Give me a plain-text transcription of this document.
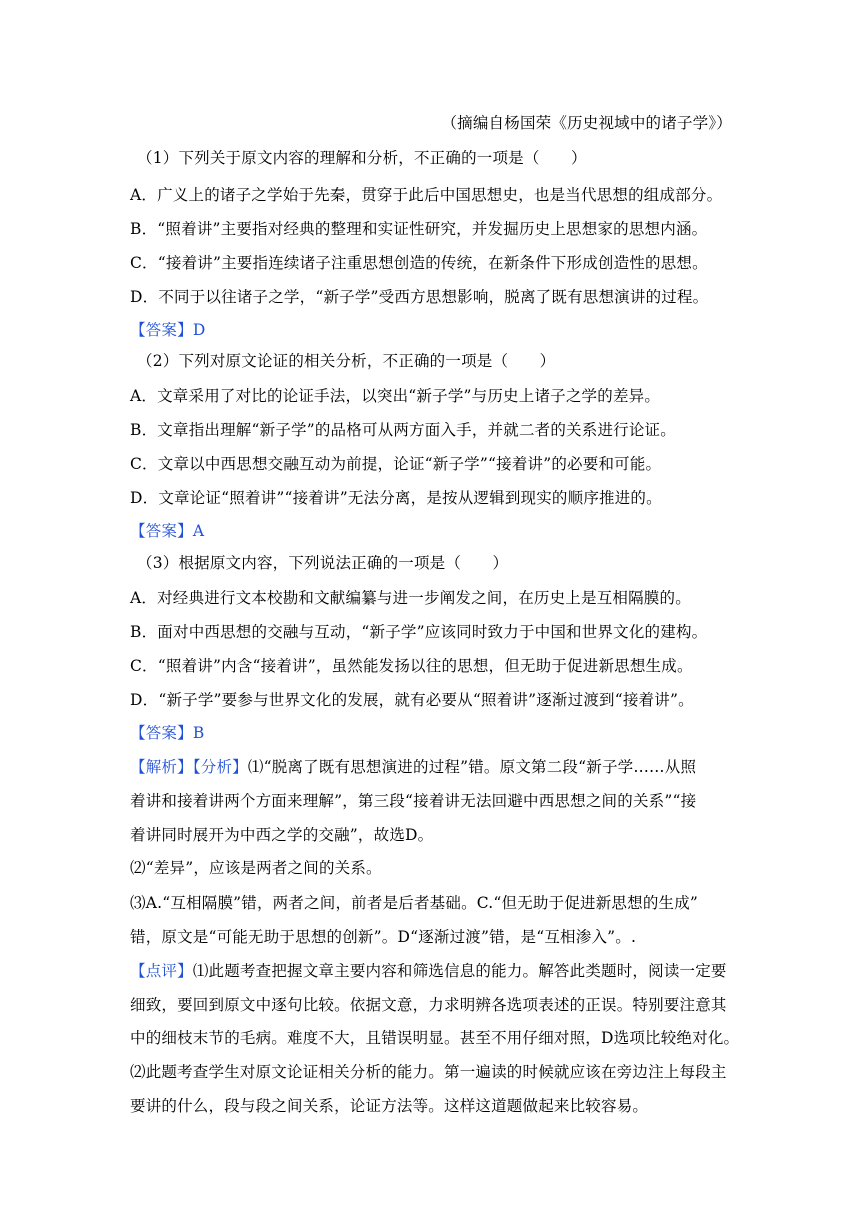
（摘编自杨国荣《历史视域中的诸子学》）
（1）下列关于原文内容的理解和分析，不正确的一项是（　　）
A．广义上的诸子之学始于先秦，贯穿于此后中国思想史，也是当代思想的组成部分。
B．“照着讲”主要指对经典的整理和实证性研究，并发掘历史上思想家的思想内涵。
C．“接着讲”主要指连续诸子注重思想创造的传统，在新条件下形成创造性的思想。
D．不同于以往诸子之学，“新子学”受西方思想影响，脱离了既有思想演讲的过程。
【答案】D
（2）下列对原文论证的相关分析，不正确的一项是（　　）
A．文章采用了对比的论证手法，以突出“新子学”与历史上诸子之学的差异。
B．文章指出理解“新子学”的品格可从两方面入手，并就二者的关系进行论证。
C．文章以中西思想交融互动为前提，论证“新子学”“接着讲”的必要和可能。
D．文章论证“照着讲”“接着讲”无法分离，是按从逻辑到现实的顺序推进的。
【答案】A
（3）根据原文内容，下列说法正确的一项是（　　）
A．对经典进行文本校勘和文献编纂与进一步阐发之间，在历史上是互相隔膜的。
B．面对中西思想的交融与互动，“新子学”应该同时致力于中国和世界文化的建构。
C．“照着讲”内含“接着讲”，虽然能发扬以往的思想，但无助于促进新思想生成。
D．“新子学”要参与世界文化的发展，就有必要从“照着讲”逐渐过渡到“接着讲”。
【答案】B
【解析】【分析】⑴“脱离了既有思想演进的过程”错。原文第二段“新子学……从照
着讲和接着讲两个方面来理解”，第三段“接着讲无法回避中西思想之间的关系”“接
着讲同时展开为中西之学的交融”，故选D。
⑵“差异”，应该是两者之间的关系。
⑶A.“互相隔膜”错，两者之间，前者是后者基础。C.“但无助于促进新思想的生成”
错，原文是“可能无助于思想的创新”。D“逐渐过渡”错，是“互相渗入”。.
【点评】⑴此题考查把握文章主要内容和筛选信息的能力。解答此类题时，阅读一定要
细致，要回到原文中逐句比较。依据文意，力求明辨各选项表述的正误。特别要注意其
中的细枝末节的毛病。难度不大，且错误明显。甚至不用仔细对照，D选项比较绝对化。
⑵此题考查学生对原文论证相关分析的能力。第一遍读的时候就应该在旁边注上每段主
要讲的什么，段与段之间关系，论证方法等。这样这道题做起来比较容易。
